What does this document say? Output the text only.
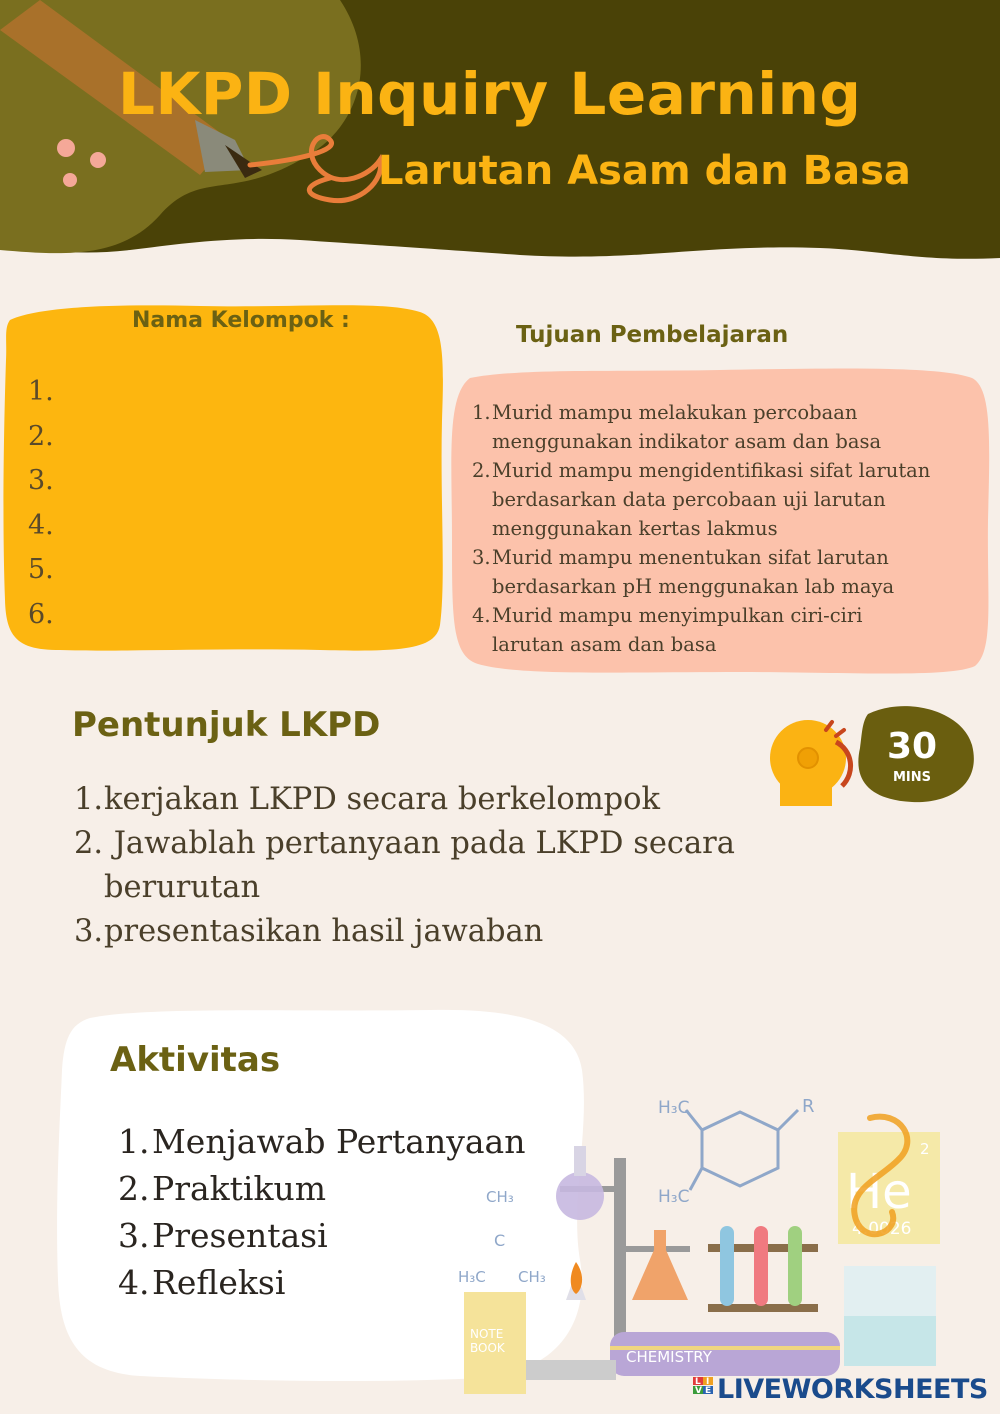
H₃C	R
H₃C
CH₃
C
H₃C CH₃
2
He
4.0026
NOTE
BOOK	CHEMISTRY
L I
V E
LKPD Inquiry Learning
Larutan Asam dan Basa
Nama Kelompok :
1.
2.
3.
4.
5.
6.
Tujuan Pembelajaran
1. Murid mampu melakukan percobaan
menggunakan indikator asam dan basa
2. Murid mampu mengidentifikasi sifat larutan
berdasarkan data percobaan uji larutan
menggunakan kertas lakmus
3. Murid mampu menentukan sifat larutan
berdasarkan pH menggunakan lab maya
4. Murid mampu menyimpulkan ciri-ciri
larutan asam dan basa
Pentunjuk LKPD
1. kerjakan LKPD secara berkelompok
2. Jawablah pertanyaan pada LKPD secara
berurutan
3. presentasikan hasil jawaban
30
MINS
Aktivitas
1. Menjawab Pertanyaan
2. Praktikum
3. Presentasi
4. Refleksi
LIVEWORKSHEETS
